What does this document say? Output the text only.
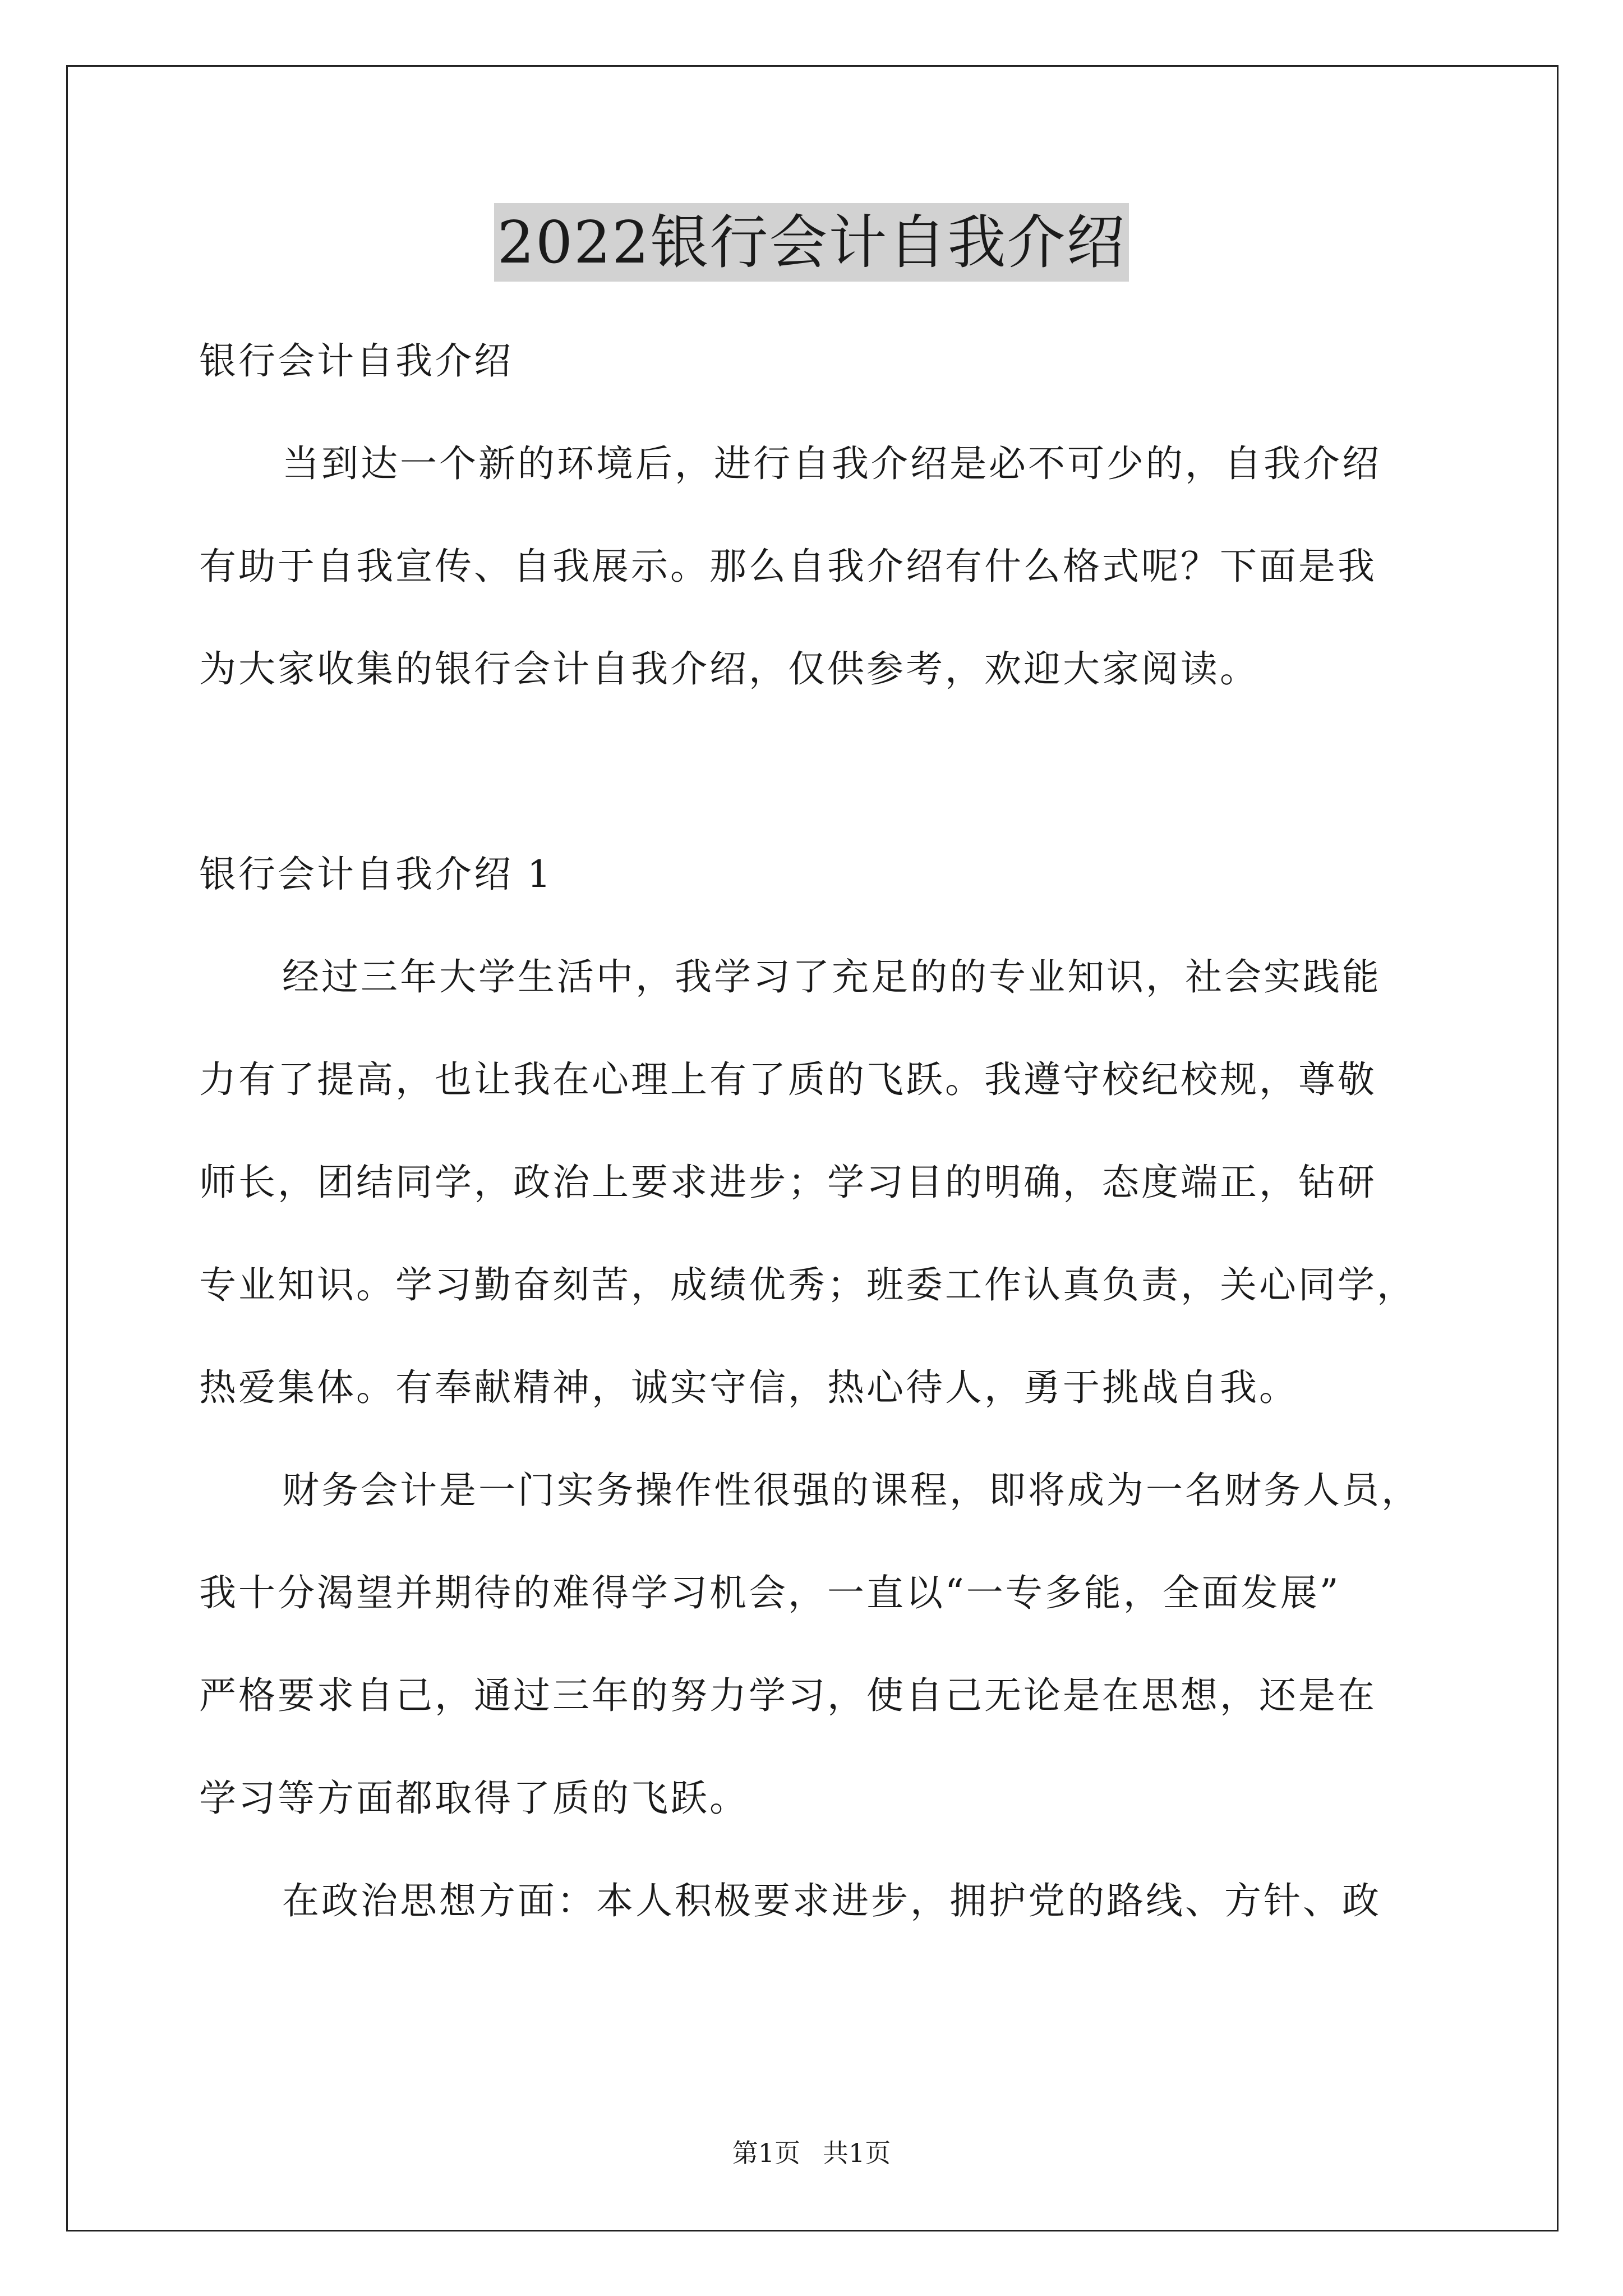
2022银行会计自我介绍
银行会计自我介绍
当到达一个新的环境后，进行自我介绍是必不可少的，自我介绍
有助于自我宣传、自我展示。那么自我介绍有什么格式呢？下面是我
为大家收集的银行会计自我介绍，仅供参考，欢迎大家阅读。
银行会计自我介绍 1
经过三年大学生活中，我学习了充足的的专业知识，社会实践能
力有了提高，也让我在心理上有了质的飞跃。我遵守校纪校规，尊敬
师长，团结同学，政治上要求进步；学习目的明确，态度端正，钻研
专业知识。学习勤奋刻苦，成绩优秀；班委工作认真负责，关心同学，
热爱集体。有奉献精神，诚实守信，热心待人，勇于挑战自我。
财务会计是一门实务操作性很强的课程，即将成为一名财务人员，
我十分渴望并期待的难得学习机会，一直以“一专多能，全面发展”
严格要求自己，通过三年的努力学习，使自己无论是在思想，还是在
学习等方面都取得了质的飞跃。
在政治思想方面：本人积极要求进步，拥护党的路线、方针、政
第1页 共1页
